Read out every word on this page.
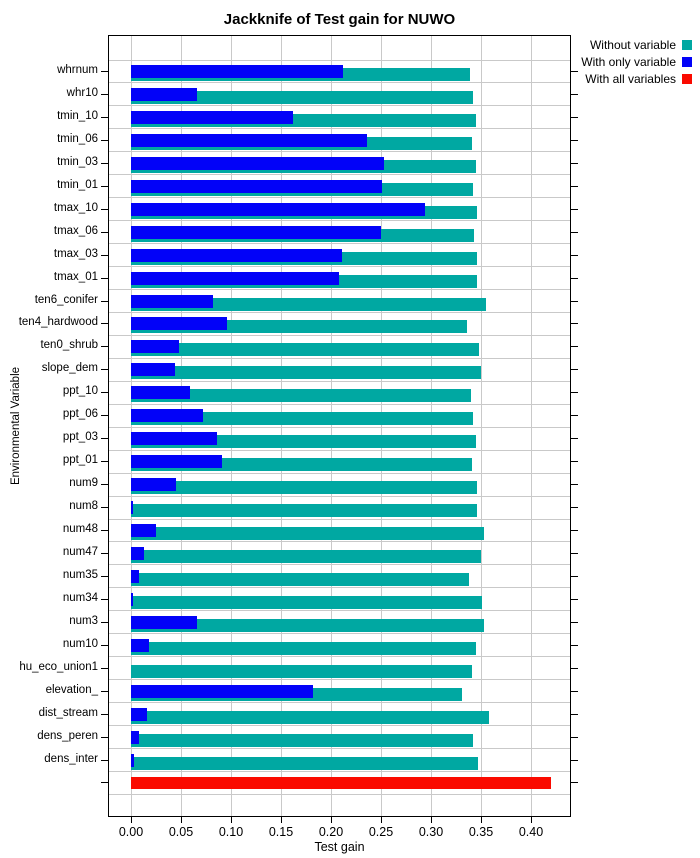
Jackknife of Test gain for NUWO
Without variable
With only variable
With all variables
Environmental Variable
Test gain
whrnum
whr10
tmin_10
tmin_06
tmin_03
tmin_01
tmax_10
tmax_06
tmax_03
tmax_01
ten6_conifer
ten4_hardwood
ten0_shrub
slope_dem
ppt_10
ppt_06
ppt_03
ppt_01
num9
num8
num48
num47
num35
num34
num3
num10
hu_eco_union1
elevation_
dist_stream
dens_peren
dens_inter
0.00 0.05 0.10 0.15 0.20 0.25 0.30 0.35 0.40
